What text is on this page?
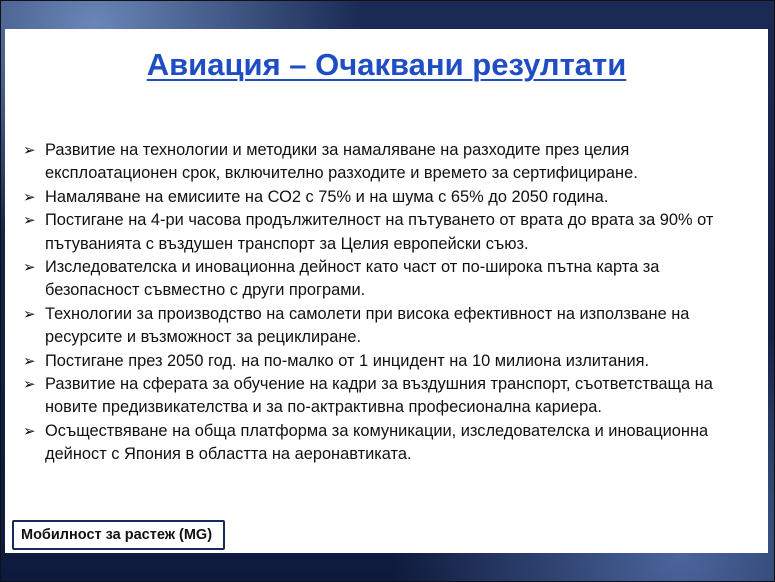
Авиация – Очаквани резултати
➢ Развитие на технологии и методики за намаляване на разходите през целия експлоатационен срок, включително разходите и времето за сертифициране.
➢ Намаляване на емисиите на СО2 с 75% и на шума с 65% до 2050 година.
➢ Постигане на 4-ри часова продължителност на пътуването от врата до врата за 90% от пътуванията с въздушен транспорт за Целия европейски съюз.
➢ Изследователска и иновационна дейност като част от по-широка пътна карта за безопасност съвместно с други програми.
➢ Технологии за производство на самолети при висока ефективност на използване на ресурсите и възможност за рециклиране.
➢ Постигане през 2050 год. на по-малко от 1 инцидент на 10 милиона излитания.
➢ Развитие на сферата за обучение на кадри за въздушния транспорт, съответстваща на новите предизвикателства и за по-актрактивна професионална кариера.
➢ Осъществяване на обща платформа за комуникации, изследователска и иновационна дейност с Япония в областта на аеронавтиката.
Мобилност за растеж (MG)
